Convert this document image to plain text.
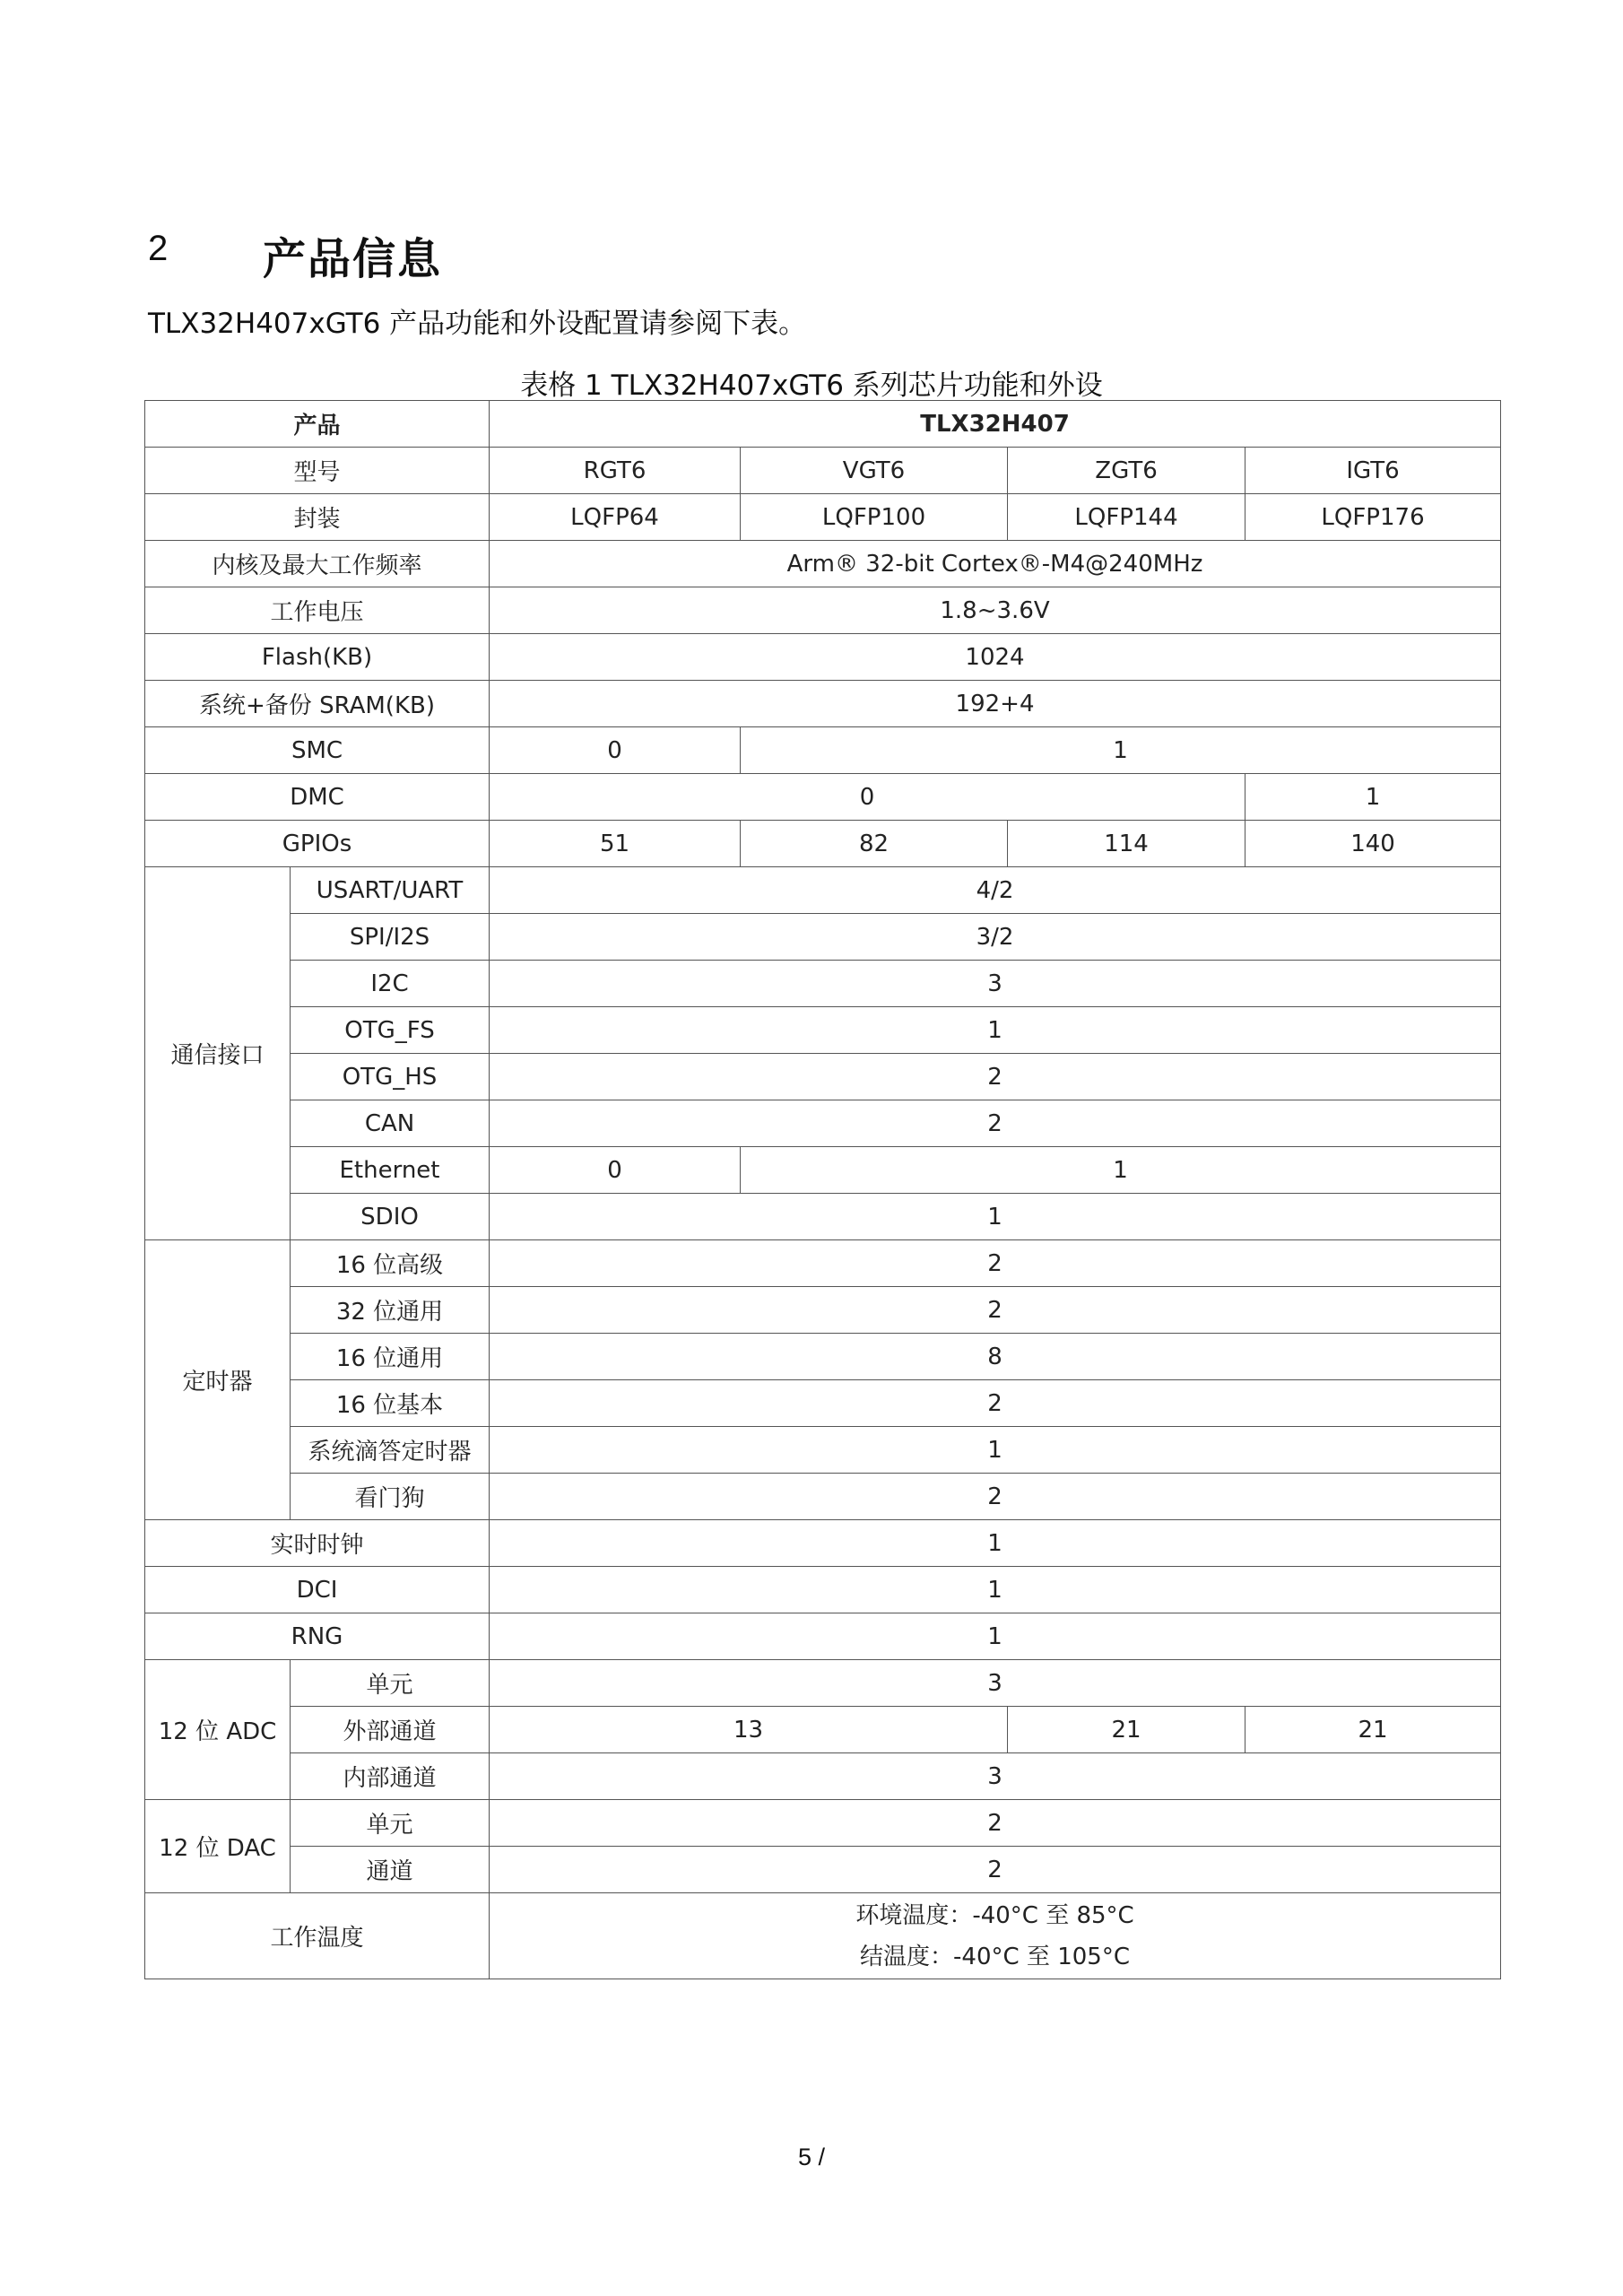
2 产品信息
TLX32H407xGT6 产品功能和外设配置请参阅下表。
表格 1 TLX32H407xGT6 系列芯片功能和外设
产品		TLX32H407			
型号		RGT6	VGT6	ZGT6	IGT6
封装		LQFP64	LQFP100	LQFP144	LQFP176
内核及最大工作频率		Arm® 32-bit Cortex®-M4@240MHz			
工作电压		1.8~3.6V			
Flash(KB)		1024			
系统+备份 SRAM(KB)		192+4			
SMC		0	1		
DMC		0			1
GPIOs		51	82	114	140
通信接口	USART/UART	4/2			
	SPI/I2S	3/2			
	I2C	3			
	OTG_FS	1			
	OTG_HS	2			
	CAN	2			
	Ethernet	0	1		
	SDIO	1			
定时器	16 位高级	2			
	32 位通用	2			
	16 位通用	8			
	16 位基本	2			
	系统滴答定时器	1			
	看门狗	2			
实时时钟		1			
DCI		1			
RNG		1			
12 位 ADC	单元	3			
	外部通道	13		21	21
	内部通道	3			
12 位 DAC	单元	2			
	通道	2			
工作温度		环境温度：-40°C 至 85°C
结温度：-40°C 至 105°C			
5 /
